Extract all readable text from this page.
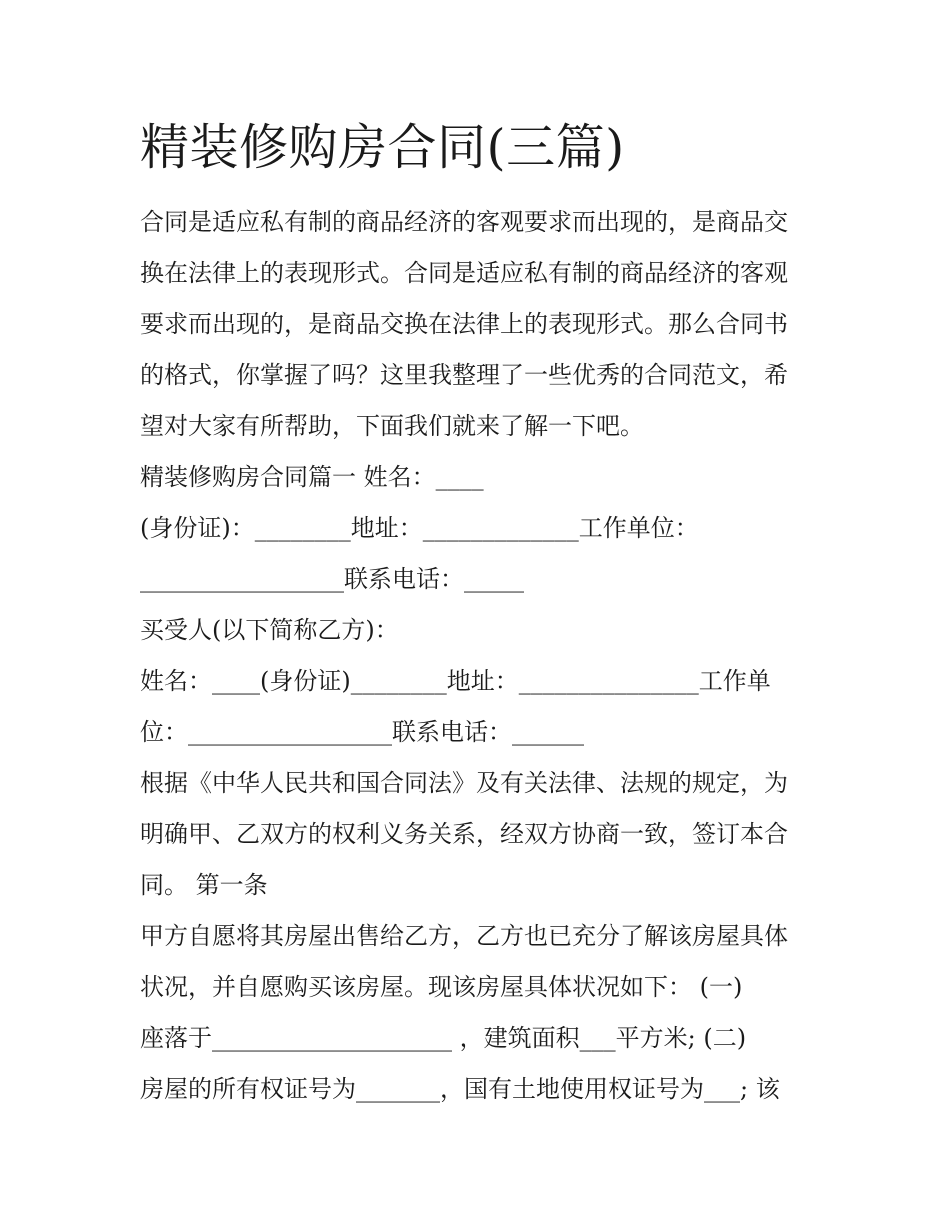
精装修购房合同(三篇)

合同是适应私有制的商品经济的客观要求而出现的，是商品交

换在法律上的表现形式。合同是适应私有制的商品经济的客观

要求而出现的，是商品交换在法律上的表现形式。那么合同书

的格式，你掌握了吗？这里我整理了一些优秀的合同范文，希

望对大家有所帮助，下面我们就来了解一下吧。

精装修购房合同篇一 姓名：____

(身份证)：________地址：_____________工作单位：

_________________联系电话：_____

买受人(以下简称乙方)：

姓名：____(身份证)________地址：_______________工作单

位：_________________联系电话：______

根据《中华人民共和国合同法》及有关法律、法规的规定，为

明确甲、乙双方的权利义务关系，经双方协商一致，签订本合

同。 第一条

甲方自愿将其房屋出售给乙方，乙方也已充分了解该房屋具体

状况，并自愿购买该房屋。现该房屋具体状况如下： (一)

座落于____________________ ，建筑面积___平方米; (二)

房屋的所有权证号为_______，国有土地使用权证号为___; 该
